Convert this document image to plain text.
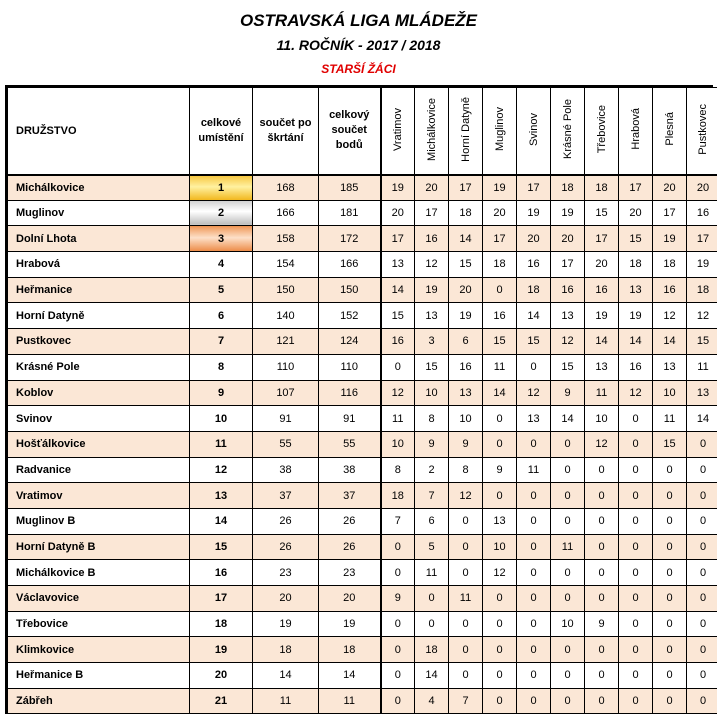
OSTRAVSKÁ LIGA MLÁDEŽE
11. ROČNÍK - 2017 / 2018
STARŠÍ ŽÁCI
DRUŽSTVO	celkové umístění	součet po škrtání	celkový součet bodů	Vratimov	Michálkovice	Horní Datyně	Muglinov	Svinov	Krásné Pole	Třebovice	Hrabová	Plesná	Pustkovec
Michálkovice	1	168	185	19	20	17	19	17	18	18	17	20	20
Muglinov	2	166	181	20	17	18	20	19	19	15	20	17	16
Dolní Lhota	3	158	172	17	16	14	17	20	20	17	15	19	17
Hrabová	4	154	166	13	12	15	18	16	17	20	18	18	19
Heřmanice	5	150	150	14	19	20	0	18	16	16	13	16	18
Horní Datyně	6	140	152	15	13	19	16	14	13	19	19	12	12
Pustkovec	7	121	124	16	3	6	15	15	12	14	14	14	15
Krásné Pole	8	110	110	0	15	16	11	0	15	13	16	13	11
Koblov	9	107	116	12	10	13	14	12	9	11	12	10	13
Svinov	10	91	91	11	8	10	0	13	14	10	0	11	14
Hošťálkovice	11	55	55	10	9	9	0	0	0	12	0	15	0
Radvanice	12	38	38	8	2	8	9	11	0	0	0	0	0
Vratimov	13	37	37	18	7	12	0	0	0	0	0	0	0
Muglinov B	14	26	26	7	6	0	13	0	0	0	0	0	0
Horní Datyně B	15	26	26	0	5	0	10	0	11	0	0	0	0
Michálkovice B	16	23	23	0	11	0	12	0	0	0	0	0	0
Václavovice	17	20	20	9	0	11	0	0	0	0	0	0	0
Třebovice	18	19	19	0	0	0	0	0	10	9	0	0	0
Klimkovice	19	18	18	0	18	0	0	0	0	0	0	0	0
Heřmanice B	20	14	14	0	14	0	0	0	0	0	0	0	0
Zábřeh	21	11	11	0	4	7	0	0	0	0	0	0	0
